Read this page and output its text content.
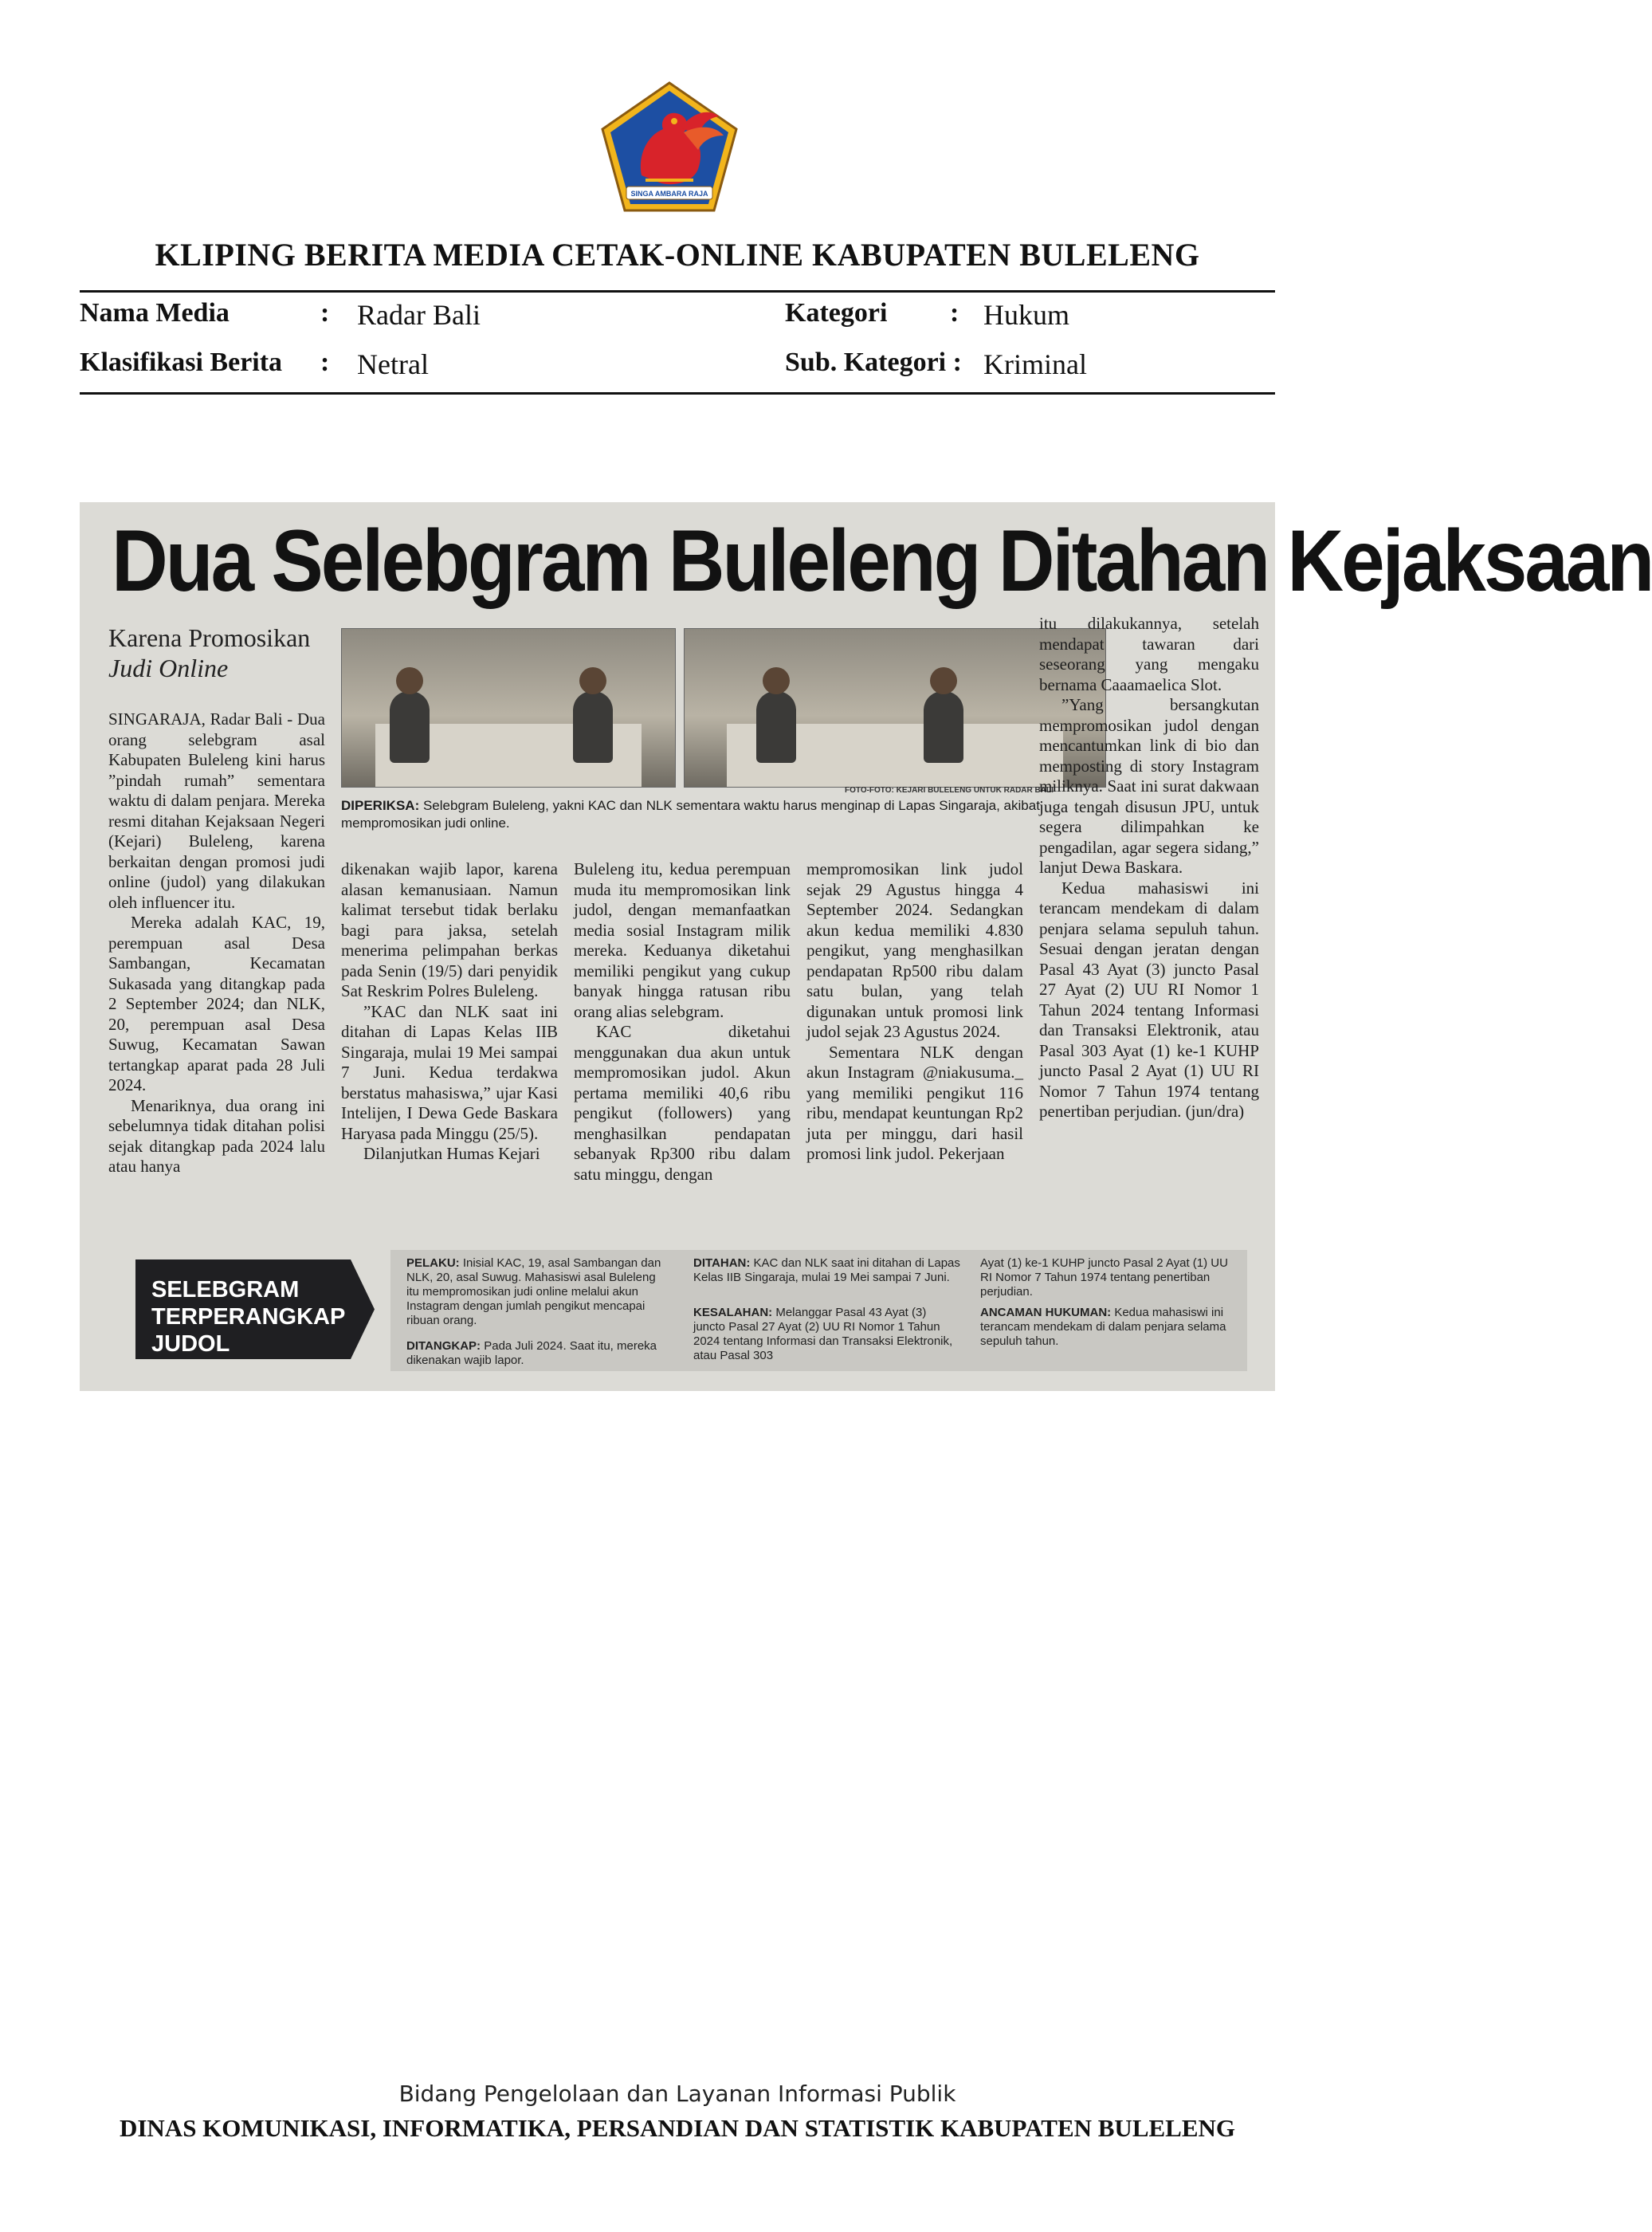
SINGA AMBARA RAJA
KLIPING BERITA MEDIA CETAK-ONLINE KABUPATEN BULELENG
Nama Media	: Radar Bali
Klasifikasi Berita : Netral
Kategori : Hukum
Sub. Kategori : Kriminal
Dua Selebgram Buleleng Ditahan Kejaksaan
Karena Promosikan
Judi Online
FOTO-FOTO: KEJARI BULELENG UNTUK RADAR BALI
DIPERIKSA: Selebgram Buleleng, yakni KAC dan NLK sementara waktu harus menginap di Lapas Singaraja, akibat mempromosikan judi online.

SINGARAJA, Radar Bali - Dua orang selebgram asal Kabupaten Buleleng kini harus ”pindah rumah” sementara waktu di dalam penjara. Mereka resmi ditahan Kejaksaan Negeri (Kejari) Buleleng, karena berkaitan dengan promosi judi online (judol) yang dilakukan oleh influencer itu.

Mereka adalah KAC, 19, perempuan asal Desa Sambangan, Kecamatan Sukasada yang ditangkap pada 2 September 2024; dan NLK, 20, perempuan asal Desa Suwug, Kecamatan Sawan tertangkap aparat pada 28 Juli 2024.

Menariknya, dua orang ini sebelumnya tidak ditahan polisi sejak ditangkap pada 2024 lalu atau hanya

dikenakan wajib lapor, karena alasan kemanusiaan. Namun kalimat tersebut tidak berlaku bagi para jaksa, setelah menerima pelimpahan berkas pada Senin (19/5) dari penyidik Sat Reskrim Polres Buleleng.

”KAC dan NLK saat ini ditahan di Lapas Kelas IIB Singaraja, mulai 19 Mei sampai 7 Juni. Kedua terdakwa berstatus mahasiswa,” ujar Kasi Intelijen, I Dewa Gede Baskara Haryasa pada Minggu (25/5).

Dilanjutkan Humas Kejari

Buleleng itu, kedua perempuan muda itu mempromosikan link judol, dengan memanfaatkan media sosial Instagram milik mereka. Keduanya diketahui memiliki pengikut yang cukup banyak hingga ratusan ribu orang alias selebgram.

KAC diketahui menggunakan dua akun untuk mempromosikan judol. Akun pertama memiliki 40,6 ribu pengikut (followers) yang menghasilkan pendapatan sebanyak Rp300 ribu dalam satu minggu, dengan

mempromosikan link judol sejak 29 Agustus hingga 4 September 2024. Sedangkan akun kedua memiliki 4.830 pengikut, yang menghasilkan pendapatan Rp500 ribu dalam satu bulan, yang telah digunakan untuk promosi link judol sejak 23 Agustus 2024.

Sementara NLK dengan akun Instagram @niakusuma._ yang memiliki pengikut 116 ribu, mendapat keuntungan Rp2 juta per minggu, dari hasil promosi link judol. Pekerjaan

itu dilakukannya, setelah mendapat tawaran dari seseorang yang mengaku bernama Caaamaelica Slot.

”Yang bersangkutan mempromosikan judol dengan mencantumkan link di bio dan memposting di story Instagram miliknya. Saat ini surat dakwaan juga tengah disusun JPU, untuk segera dilimpahkan ke pengadilan, agar segera sidang,” lanjut Dewa Baskara.

Kedua mahasiswi ini terancam mendekam di dalam penjara selama sepuluh tahun. Sesuai dengan jeratan dengan Pasal 43 Ayat (3) juncto Pasal 27 Ayat (2) UU RI Nomor 1 Tahun 2024 tentang Informasi dan Transaksi Elektronik, atau Pasal 303 Ayat (1) ke-1 KUHP juncto Pasal 2 Ayat (1) UU RI Nomor 7 Tahun 1974 tentang penertiban perjudian. (jun/dra)

SELEBGRAM
TERPERANGKAP
JUDOL
PELAKU: Inisial KAC, 19, asal Sambangan dan NLK, 20, asal Suwug. Mahasiswi asal Buleleng itu mempromosikan judi online melalui akun Instagram dengan jumlah pengikut mencapai ribuan orang.
DITANGKAP: Pada Juli 2024. Saat itu, mereka dikenakan wajib lapor.
DITAHAN: KAC dan NLK saat ini ditahan di Lapas Kelas IIB Singaraja, mulai 19 Mei sampai 7 Juni.
KESALAHAN: Melanggar Pasal 43 Ayat (3) juncto Pasal 27 Ayat (2) UU RI Nomor 1 Tahun 2024 tentang Informasi dan Transaksi Elektronik, atau Pasal 303
Ayat (1) ke-1 KUHP juncto Pasal 2 Ayat (1) UU RI Nomor 7 Tahun 1974 tentang penertiban perjudian.
ANCAMAN HUKUMAN: Kedua mahasiswi ini terancam mendekam di dalam penjara selama sepuluh tahun.
Bidang Pengelolaan dan Layanan Informasi Publik
DINAS KOMUNIKASI, INFORMATIKA, PERSANDIAN DAN STATISTIK KABUPATEN BULELENG
